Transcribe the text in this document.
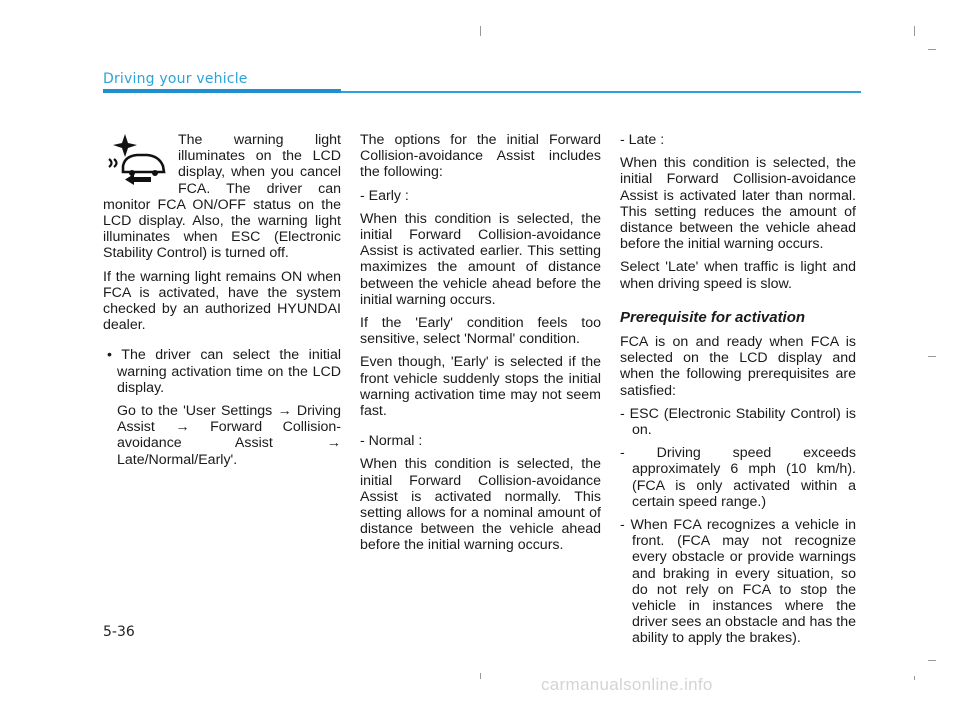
Driving your vehicle

The warning light illuminates on the LCD display, when you cancel FCA. The driver can monitor FCA ON/OFF status on the LCD display. Also, the warning light illuminates when ESC (Electronic Stability Control) is turned off.

If the warning light remains ON when FCA is activated, have the system checked by an authorized HYUNDAI dealer.

• The driver can select the initial warning activation time on the LCD display.

Go to the 'User Settings → Driving Assist → Forward Collision-avoidance Assist → Late/Normal/Early'.

The options for the initial Forward Collision-avoidance Assist includes the following:

- Early :

When this condition is selected, the initial Forward Collision-avoidance Assist is activated earlier. This setting maximizes the amount of distance between the vehicle ahead before the initial warning occurs.

If the 'Early' condition feels too sensitive, select 'Normal' condition.

Even though, 'Early' is selected if the front vehicle suddenly stops the initial warning activation time may not seem fast.

- Normal :

When this condition is selected, the initial Forward Collision-avoidance Assist is activated normally. This setting allows for a nominal amount of distance between the vehicle ahead before the initial warning occurs.

- Late :

When this condition is selected, the initial Forward Collision-avoidance Assist is activated later than normal. This setting reduces the amount of distance between the vehicle ahead before the initial warning occurs.

Select 'Late' when traffic is light and when driving speed is slow.

Prerequisite for activation

FCA is on and ready when FCA is selected on the LCD display and when the following prerequisites are satisfied:

- ESC (Electronic Stability Control) is on.

- Driving speed exceeds approximately 6 mph (10 km/h). (FCA is only activated within a certain speed range.)

- When FCA recognizes a vehicle in front. (FCA may not recognize every obstacle or provide warnings and braking in every situation, so do not rely on FCA to stop the vehicle in instances where the driver sees an obstacle and has the ability to apply the brakes).

5-36
carmanualsonline.info
